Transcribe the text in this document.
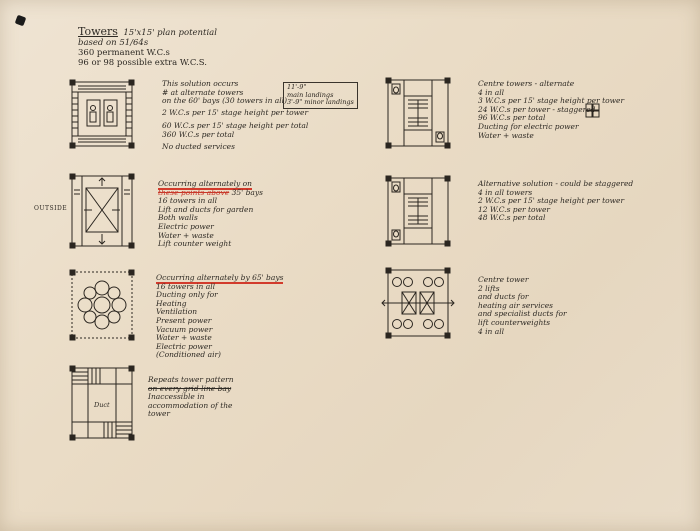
Towers 15'x15' plan potential
based on 51/64s
360 permanent W.C.s
96 or 98 possible extra W.C.S.
OUTSIDE
This solution occurs
# at alternate towers
on the 60' bays (30 towers in all)
2 W.C.s per 15' stage height per tower
60 W.C.s per 15' stage height per total
360 W.C.s per total
No ducted services
11'-9"
main landings
3'-9" minor landings
Occurring alternately on
these points above 35' bays
16 towers in all
Lift and ducts for garden
Both walls
Electric power
Water + waste
Lift counter weight
Occurring alternately by 65' bays
16 towers in all
Ducting only for
Heating
Ventilation
Present power
Vacuum power
Water + waste
Electric power
(Conditioned air)
Duct
Repeats tower pattern
on every grid-line bay
Inaccessible in
accommodation of the
tower
Centre towers - alternate
4 in all
3 W.C.s per 15' stage height per tower
24 W.C.s per tower - staggered
96 W.C.s per total
Ducting for electric power
Water + waste
Alternative solution - could be staggered
4 in all towers
2 W.C.s per 15' stage height per tower
12 W.C.s per tower
48 W.C.s per total
Centre tower
2 lifts
and ducts for
heating air services
and specialist ducts for
lift counterweights
4 in all
